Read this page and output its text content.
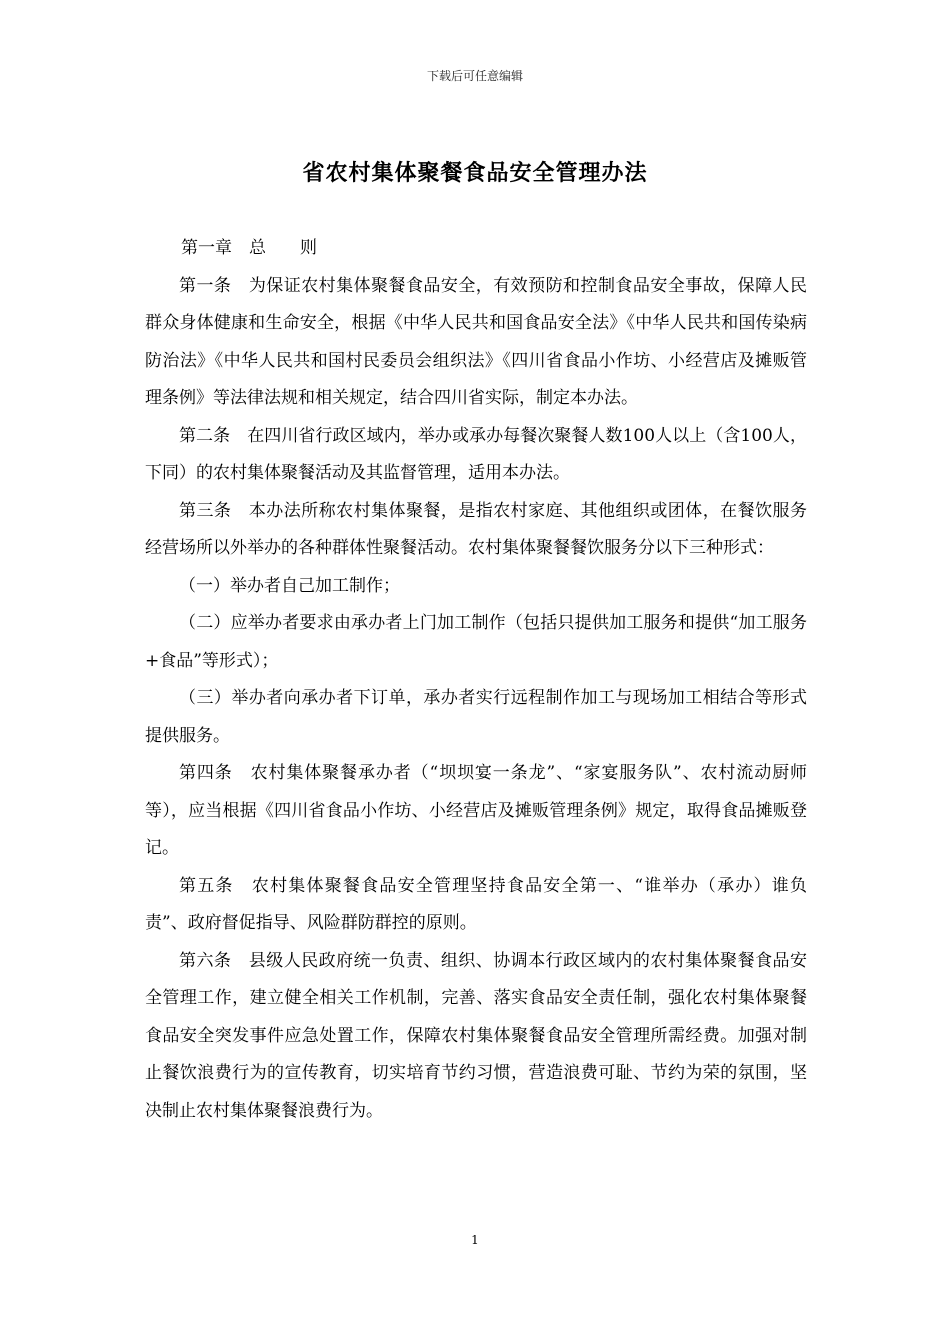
下载后可任意编辑
省农村集体聚餐食品安全管理办法

第一章　总　　则

第一条　为保证农村集体聚餐食品安全，有效预防和控制食品安全事故，保障人民群众身体健康和生命安全，根据《中华人民共和国食品安全法》《中华人民共和国传染病防治法》《中华人民共和国村民委员会组织法》《四川省食品小作坊、小经营店及摊贩管理条例》等法律法规和相关规定，结合四川省实际，制定本办法。

第二条　在四川省行政区域内，举办或承办每餐次聚餐人数100人以上（含100人，下同）的农村集体聚餐活动及其监督管理，适用本办法。

第三条　本办法所称农村集体聚餐，是指农村家庭、其他组织或团体，在餐饮服务经营场所以外举办的各种群体性聚餐活动。农村集体聚餐餐饮服务分以下三种形式：

（一）举办者自己加工制作；

（二）应举办者要求由承办者上门加工制作（包括只提供加工服务和提供“加工服务+食品”等形式）；

（三）举办者向承办者下订单，承办者实行远程制作加工与现场加工相结合等形式提供服务。

第四条　农村集体聚餐承办者（“坝坝宴一条龙”、“家宴服务队”、农村流动厨师等），应当根据《四川省食品小作坊、小经营店及摊贩管理条例》规定，取得食品摊贩登记。

第五条　农村集体聚餐食品安全管理坚持食品安全第一、“谁举办（承办）谁负责”、政府督促指导、风险群防群控的原则。

第六条　县级人民政府统一负责、组织、协调本行政区域内的农村集体聚餐食品安全管理工作，建立健全相关工作机制，完善、落实食品安全责任制，强化农村集体聚餐食品安全突发事件应急处置工作，保障农村集体聚餐食品安全管理所需经费。加强对制止餐饮浪费行为的宣传教育，切实培育节约习惯，营造浪费可耻、节约为荣的氛围，坚决制止农村集体聚餐浪费行为。

1
